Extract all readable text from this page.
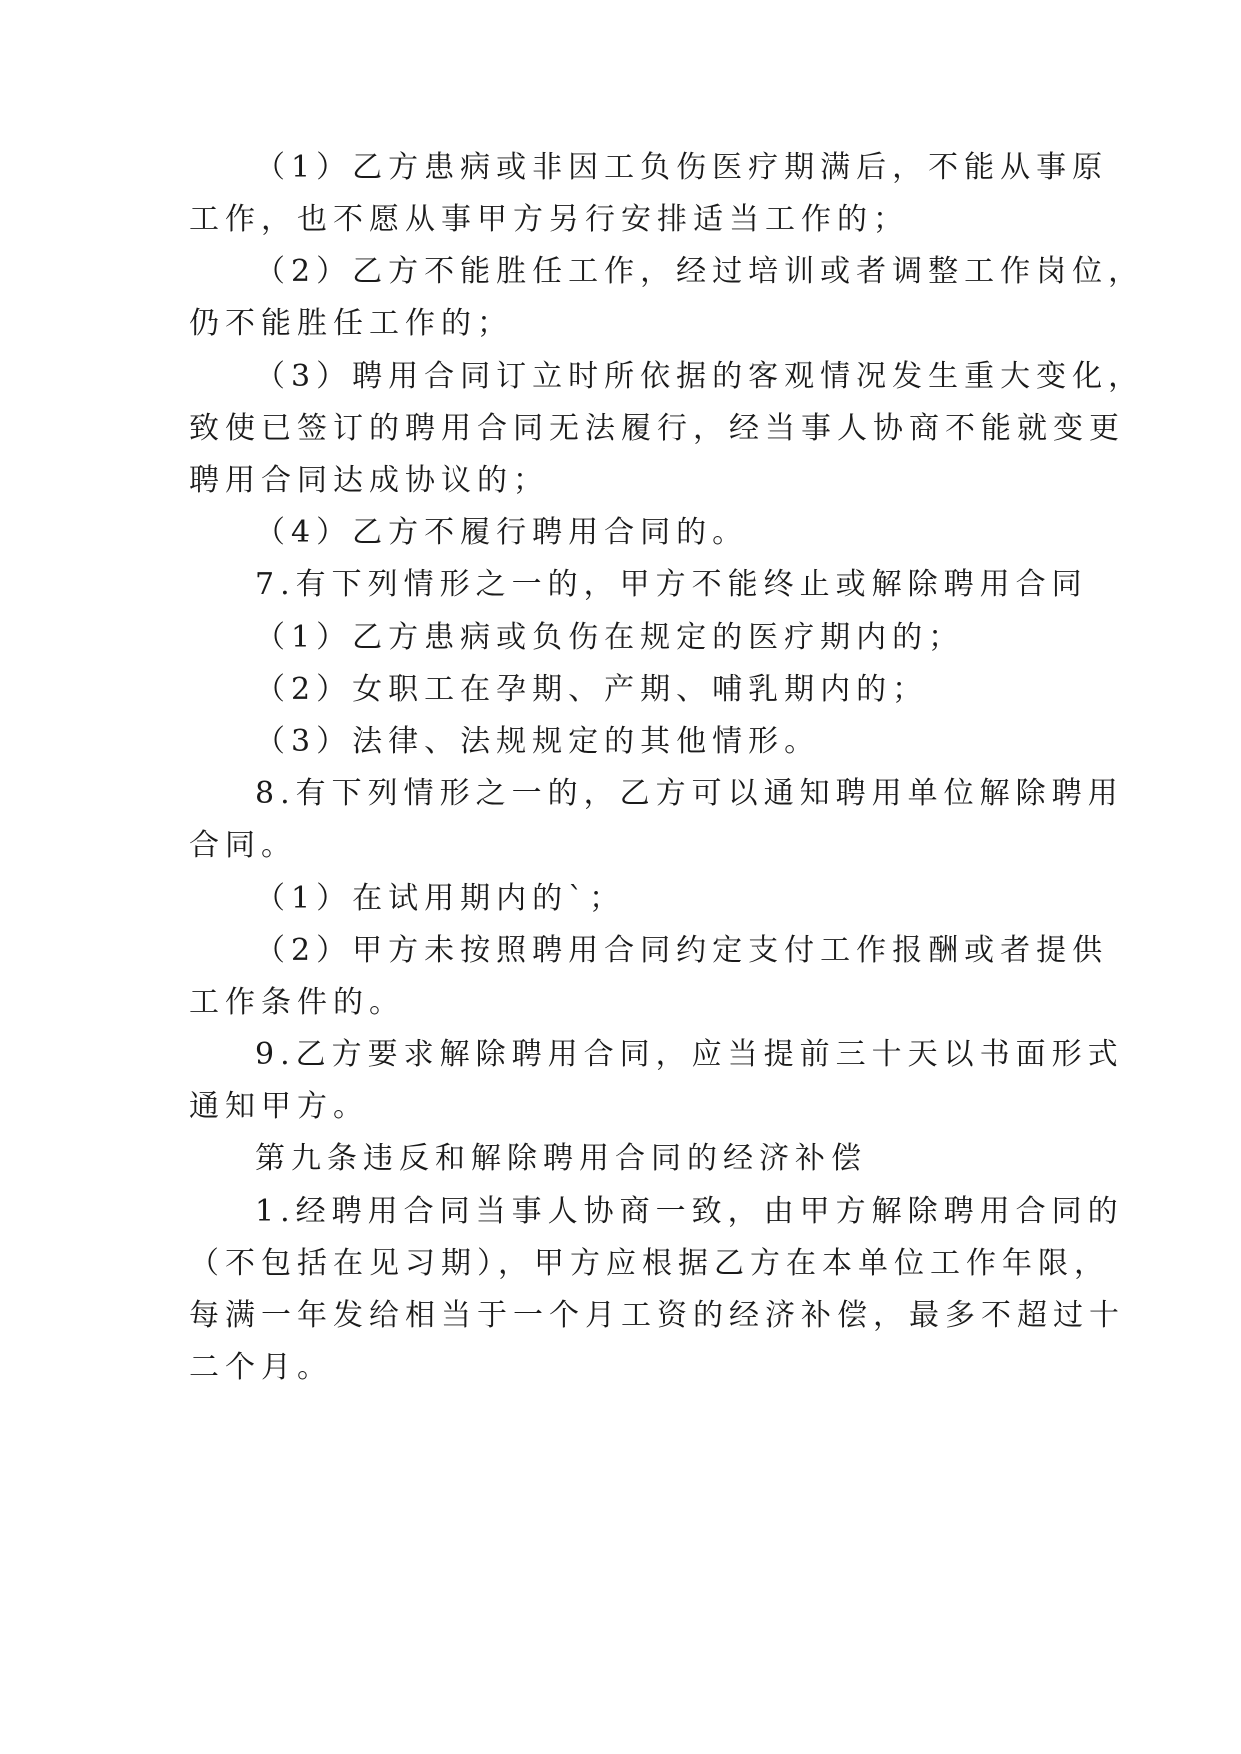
（1）乙方患病或非因工负伤医疗期满后，不能从事原
工作，也不愿从事甲方另行安排适当工作的；
（2）乙方不能胜任工作，经过培训或者调整工作岗位，
仍不能胜任工作的；
（3）聘用合同订立时所依据的客观情况发生重大变化，
致使已签订的聘用合同无法履行，经当事人协商不能就变更
聘用合同达成协议的；
（4）乙方不履行聘用合同的。
7.有下列情形之一的，甲方不能终止或解除聘用合同
（1）乙方患病或负伤在规定的医疗期内的；
（2）女职工在孕期、产期、哺乳期内的；
（3）法律、法规规定的其他情形。
8.有下列情形之一的，乙方可以通知聘用单位解除聘用
合同。
（1）在试用期内的`；
（2）甲方未按照聘用合同约定支付工作报酬或者提供
工作条件的。
9.乙方要求解除聘用合同，应当提前三十天以书面形式
通知甲方。
第九条违反和解除聘用合同的经济补偿
1.经聘用合同当事人协商一致，由甲方解除聘用合同的
（不包括在见习期），甲方应根据乙方在本单位工作年限，
每满一年发给相当于一个月工资的经济补偿，最多不超过十
二个月。
